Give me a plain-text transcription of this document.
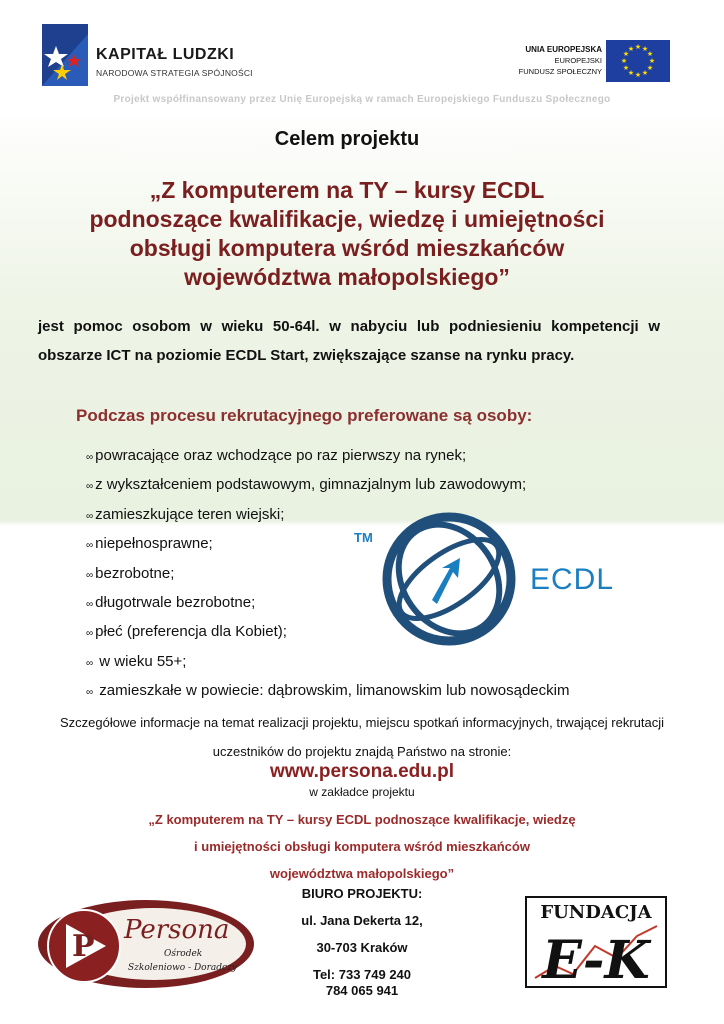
KAPITAŁ LUDZKI
NARODOWA STRATEGIA SPÓJNOŚCI
UNIA EUROPEJSKA
EUROPEJSKI
FUNDUSZ SPOŁECZNY
★ ★
★
★
★
★
★
★
★
★
★
★
Projekt współfinansowany przez Unię Europejską w ramach Europejskiego Funduszu Społecznego
Celem projektu
„Z komputerem na TY – kursy ECDL
podnoszące kwalifikacje, wiedzę i umiejętności
obsługi komputera wśród mieszkańców
województwa małopolskiego”
jest pomoc osobom w wieku 50-64l. w nabyciu lub podniesieniu kompetencji w obszarze ICT na poziomie ECDL Start, zwiększające szanse na rynku pracy.
Podczas procesu rekrutacyjnego preferowane są osoby:
∞ powracające oraz wchodzące po raz pierwszy na rynek;
∞ z wykształceniem podstawowym, gimnazjalnym lub zawodowym;
∞ zamieszkujące teren wiejski;
∞ niepełnosprawne;
∞ bezrobotne;
∞ długotrwale bezrobotne;
∞ płeć (preferencja dla Kobiet);
∞ w wieku 55+;
∞ zamieszkałe w powiecie: dąbrowskim, limanowskim lub nowosądeckim
TM
ECDL
Szczegółowe informacje na temat realizacji projektu, miejscu spotkań informacyjnych, trwającej rekrutacji
uczestników do projektu znajdą Państwo na stronie:
www.persona.edu.pl
w zakładce projektu
„Z komputerem na TY – kursy ECDL podnoszące kwalifikacje, wiedzę
i umiejętności obsługi komputera wśród mieszkańców
województwa małopolskiego”
P Persona
Ośrodek
Szkoleniowo - Doradczy
BIURO PROJEKTU:
ul. Jana Dekerta 12,
30-703 Kraków
Tel: 733 749 240
784 065 941
FUNDACJA
E-K
